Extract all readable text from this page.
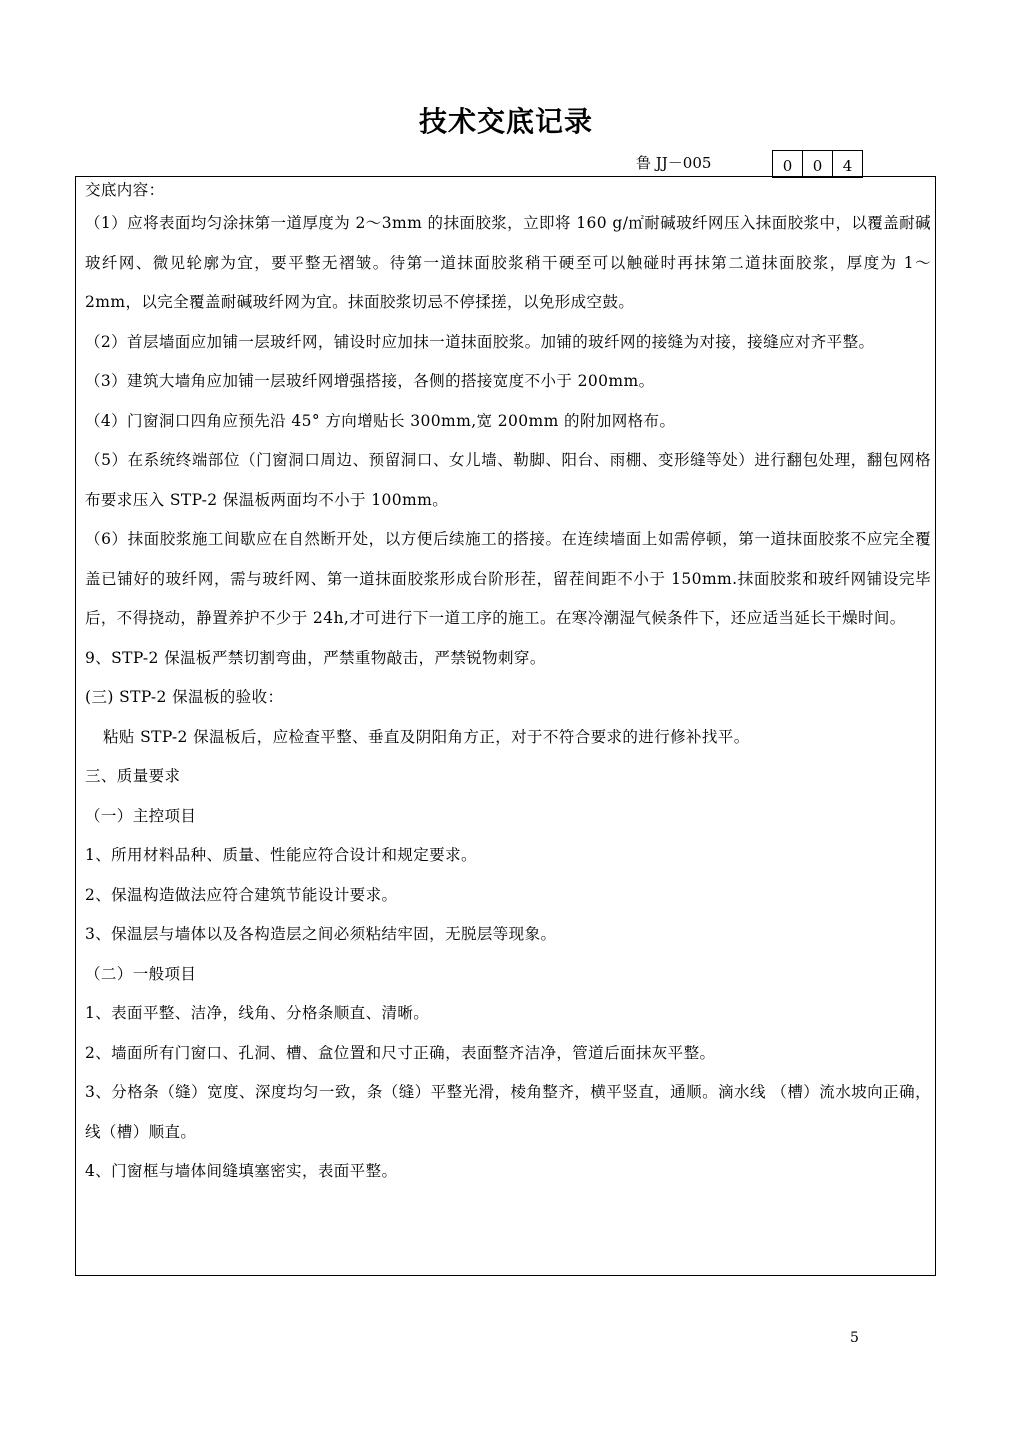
技术交底记录
鲁 JJ－005	0	0	4

交底内容：

（1）应将表面均匀涂抹第一道厚度为 2～3mm 的抹面胶浆，立即将 160 g/㎡耐碱玻纤网压入抹面胶浆中，以覆盖耐碱玻纤网、微见轮廓为宜，要平整无褶皱。待第一道抹面胶浆稍干硬至可以触碰时再抹第二道抹面胶浆，厚度为 1～2mm，以完全覆盖耐碱玻纤网为宜。抹面胶浆切忌不停揉搓，以免形成空鼓。

（2）首层墙面应加铺一层玻纤网，铺设时应加抹一道抹面胶浆。加铺的玻纤网的接缝为对接，接缝应对齐平整。

（3）建筑大墙角应加铺一层玻纤网增强搭接，各侧的搭接宽度不小于 200mm。

（4）门窗洞口四角应预先沿 45° 方向增贴长 300mm,宽 200mm 的附加网格布。

（5）在系统终端部位（门窗洞口周边、预留洞口、女儿墙、勒脚、阳台、雨棚、变形缝等处）进行翻包处理，翻包网格布要求压入 STP-2 保温板两面均不小于 100mm。

（6）抹面胶浆施工间歇应在自然断开处，以方便后续施工的搭接。在连续墙面上如需停顿，第一道抹面胶浆不应完全覆盖已铺好的玻纤网，需与玻纤网、第一道抹面胶浆形成台阶形茬，留茬间距不小于 150mm.抹面胶浆和玻纤网铺设完毕后，不得挠动，静置养护不少于 24h,才可进行下一道工序的施工。在寒冷潮湿气候条件下，还应适当延长干燥时间。

9、STP-2 保温板严禁切割弯曲，严禁重物敲击，严禁锐物刺穿。

(三) STP-2 保温板的验收：

粘贴 STP-2 保温板后，应检查平整、垂直及阴阳角方正，对于不符合要求的进行修补找平。

三、质量要求

（一）主控项目

1、所用材料品种、质量、性能应符合设计和规定要求。

2、保温构造做法应符合建筑节能设计要求。

3、保温层与墙体以及各构造层之间必须粘结牢固，无脱层等现象。

（二）一般项目

1、表面平整、洁净，线角、分格条顺直、清晰。

2、墙面所有门窗口、孔洞、槽、盒位置和尺寸正确，表面整齐洁净，管道后面抹灰平整。

3、分格条（缝）宽度、深度均匀一致，条（缝）平整光滑，棱角整齐，横平竖直，通顺。滴水线 （槽）流水坡向正确，线（槽）顺直。

4、门窗框与墙体间缝填塞密实，表面平整。

5
